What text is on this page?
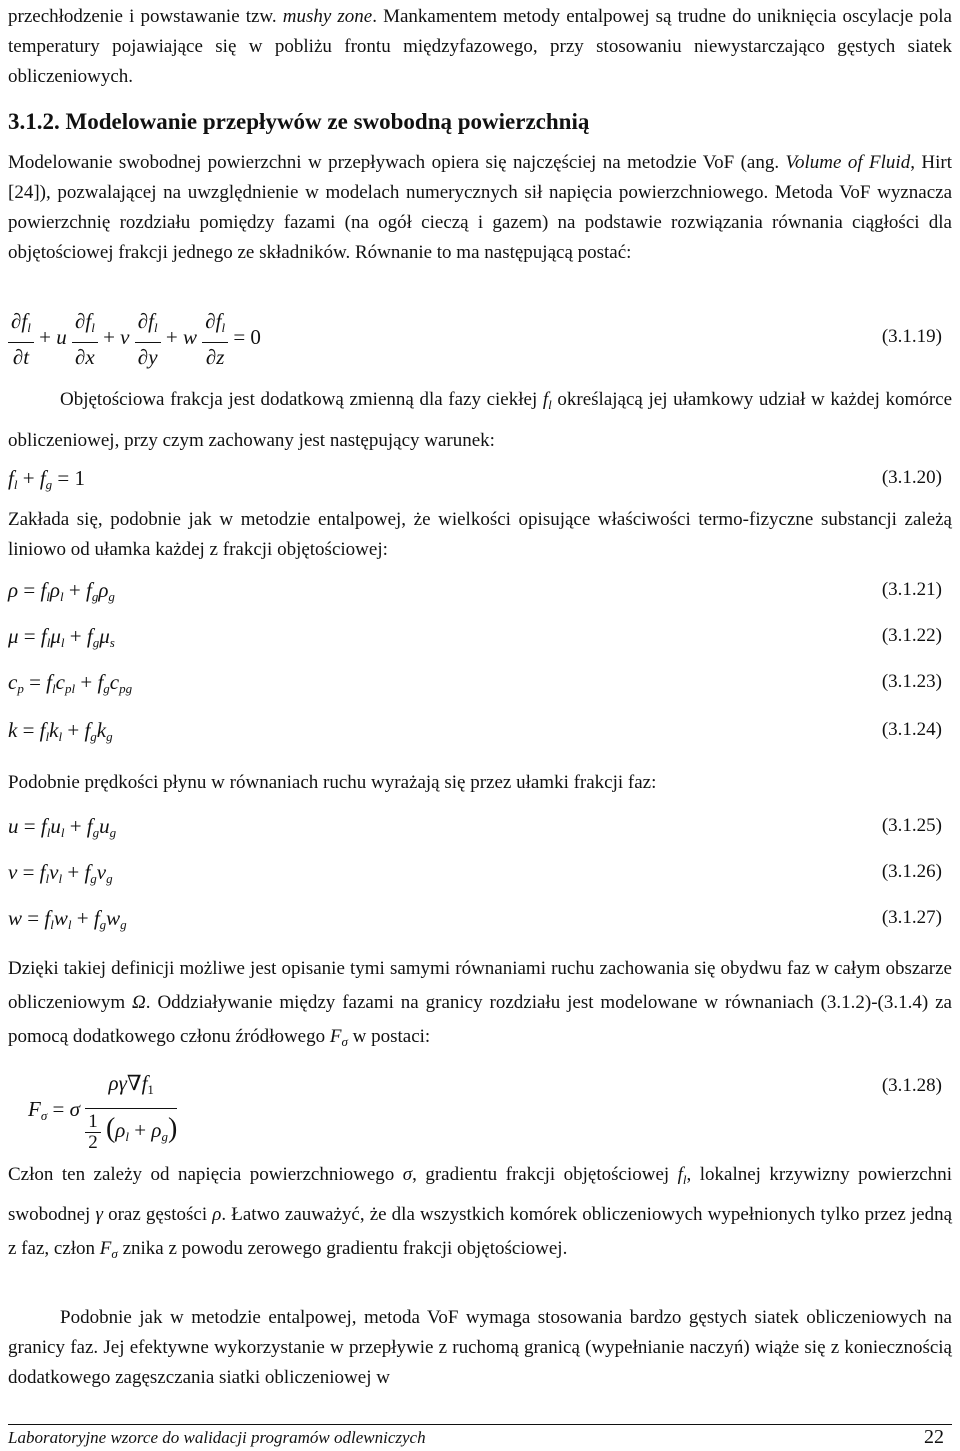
przechłodzenie i powstawanie tzw. mushy zone. Mankamentem metody entalpowej są trudne do uniknięcia oscylacje pola temperatury pojawiające się w pobliżu frontu międzyfazowego, przy stosowaniu niewystarczająco gęstych siatek obliczeniowych.

3.1.2. Modelowanie przepływów ze swobodną powierzchnią

Modelowanie swobodnej powierzchni w przepływach opiera się najczęściej na metodzie VoF (ang. Volume of Fluid, Hirt [24]), pozwalającej na uwzględnienie w modelach numerycznych sił napięcia powierzchniowego. Metoda VoF wyznacza powierzchnię rozdziału pomiędzy fazami (na ogół cieczą i gazem) na podstawie rozwiązania równania ciągłości dla objętościowej frakcji jednego ze składników. Równanie to ma następującą postać:

$\frac{\partial f_l}{\partial t} + u \frac{\partial f_l}{\partial x} + v \frac{\partial f_l}{\partial y} + w \frac{\partial f_l}{\partial z} = 0$	(3.1.19)

Objętościowa frakcja jest dodatkową zmienną dla fazy ciekłej $f_l$ określającą jej ułamkowy udział w każdej komórce obliczeniowej, przy czym zachowany jest następujący warunek:

$f_l + f_g = 1$	(3.1.20)

Zakłada się, podobnie jak w metodzie entalpowej, że wielkości opisujące właściwości termo-fizyczne substancji zależą liniowo od ułamka każdej z frakcji objętościowej:

$\rho = f_l\rho_l + f_g\rho_g$	(3.1.21)
$\mu = f_l\mu_l + f_g\mu_s$	(3.1.22)
$c_p = f_lc_{pl} + f_gc_{pg}$	(3.1.23)
$k = f_lk_l + f_gk_g$	(3.1.24)

Podobnie prędkości płynu w równaniach ruchu wyrażają się przez ułamki frakcji faz:

$u = f_lu_l + f_gu_g$	(3.1.25)
$v = f_lv_l + f_gv_g$	(3.1.26)
$w = f_lw_l + f_gw_g$	(3.1.27)

Dzięki takiej definicji możliwe jest opisanie tymi samymi równaniami ruchu zachowania się obydwu faz w całym obszarze obliczeniowym Ω. Oddziaływanie między fazami na granicy rozdziału jest modelowane w równaniach (3.1.2)-(3.1.4) za pomocą dodatkowego członu źródłowego $F_\sigma$ w postaci:

$F_\sigma = \sigma \frac{\rho\gamma\nabla f_1}{\frac{1}{2} (\rho_l + \rho_g)}$	(3.1.28)

Człon ten zależy od napięcia powierzchniowego σ, gradientu frakcji objętościowej $f_l$, lokalnej krzywizny powierzchni swobodnej γ oraz gęstości ρ. Łatwo zauważyć, że dla wszystkich komórek obliczeniowych wypełnionych tylko przez jedną z faz, człon $F_\sigma$ znika z powodu zerowego gradientu frakcji objętościowej.

Podobnie jak w metodzie entalpowej, metoda VoF wymaga stosowania bardzo gęstych siatek obliczeniowych na granicy faz. Jej efektywne wykorzystanie w przepływie z ruchomą granicą (wypełnianie naczyń) wiąże się z koniecznością dodatkowego zagęszczania siatki obliczeniowej w

Laboratoryjne wzorce do walidacji programów odlewniczych	22
